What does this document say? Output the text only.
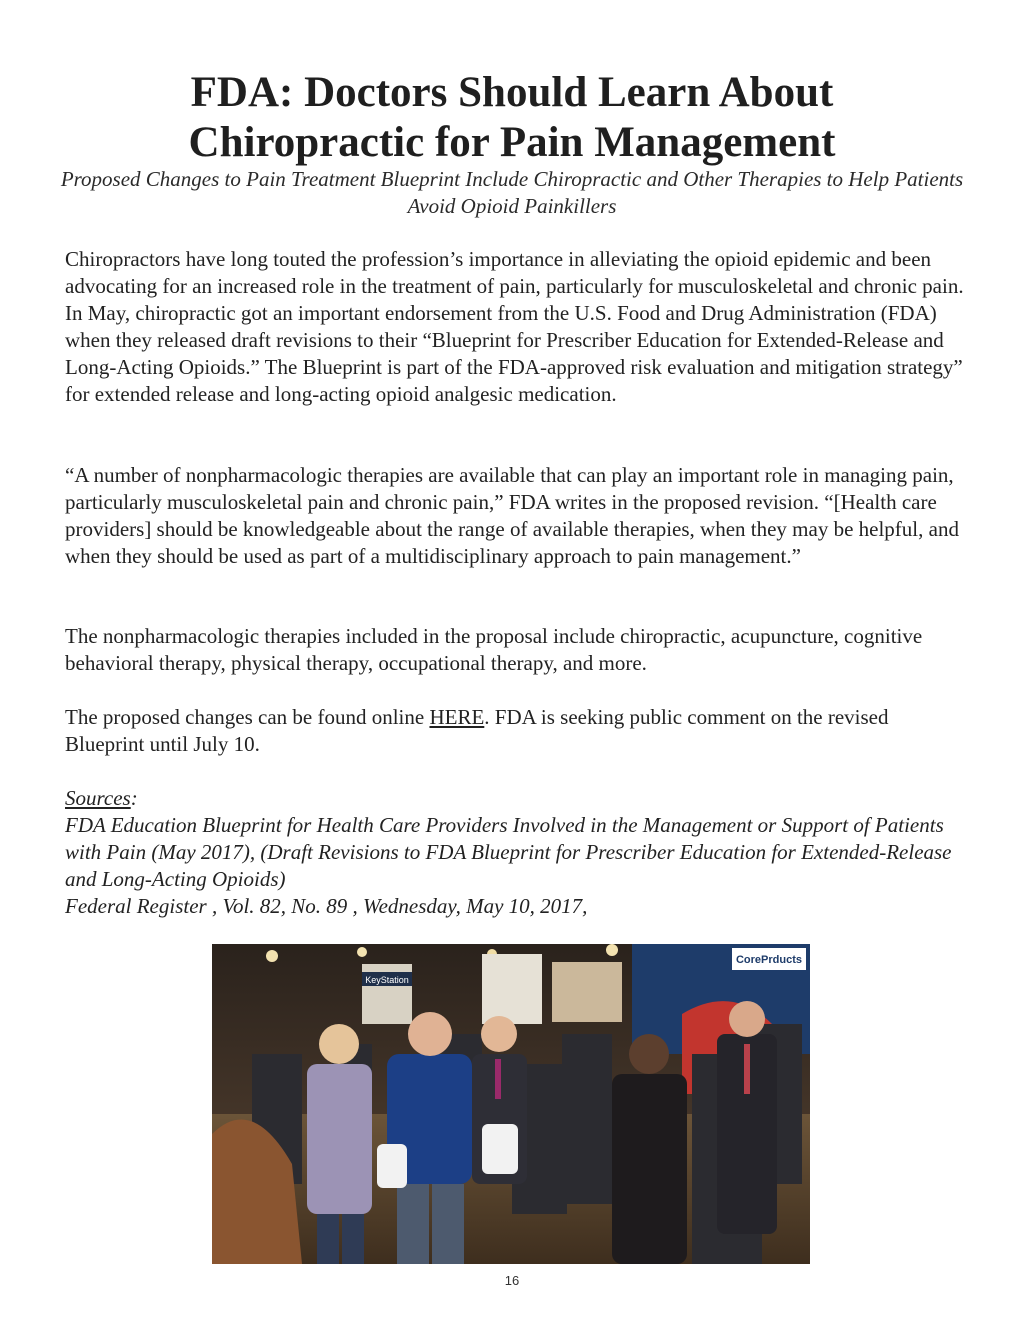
FDA: Doctors Should Learn About
Chiropractic for Pain Management

Proposed Changes to Pain Treatment Blueprint Include Chiropractic and Other Therapies to Help Patients Avoid Opioid Painkillers

Chiropractors have long touted the profession’s importance in alleviating the opioid epidemic and been advocating for an increased role in the treatment of pain, particularly for musculoskeletal and chronic pain. In May, chiropractic got an important endorsement from the U.S. Food and Drug Administration (FDA) when they released draft revisions to their “Blueprint for Prescriber Education for Extended-Release and Long-Acting Opioids.” The Blueprint is part of the FDA-approved risk evaluation and mitigation strategy” for extended release and long-acting opioid analgesic medication.

“A number of nonpharmacologic therapies are available that can play an important role in managing pain, particularly musculoskeletal pain and chronic pain,” FDA writes in the proposed revision. “[Health care providers] should be knowledgeable about the range of available therapies, when they may be helpful, and when they should be used as part of a multidisciplinary approach to pain management.”

The nonpharmacologic therapies included in the proposal include chiropractic, acupuncture, cognitive behavioral therapy, physical therapy, occupational therapy, and more.

The proposed changes can be found online HERE. FDA is seeking public comment on the revised Blueprint until July 10.

Sources:

FDA Education Blueprint for Health Care Providers Involved in the Management or Support of Patients with Pain (May 2017), (Draft Revisions to FDA Blueprint for Prescriber Education for Extended-Release and Long-Acting Opioids)
Federal Register , Vol. 82, No. 89 , Wednesday, May 10, 2017,

CorePrducts
KeyStation
16
